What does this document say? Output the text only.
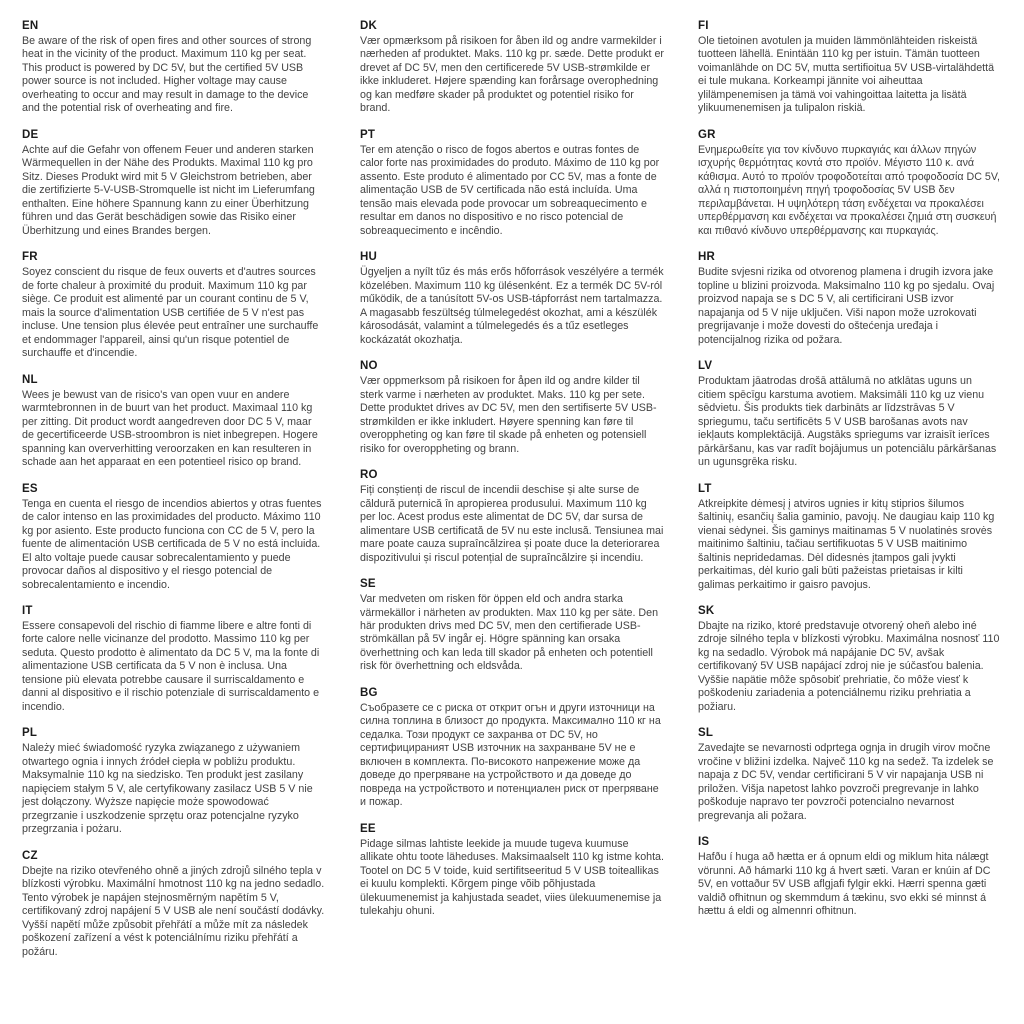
EN

Be aware of the risk of open fires and other sources of strong heat in the vicinity of the product. Maximum 110 kg per seat. This product is powered by DC 5V, but the certified 5V USB power source is not included. Higher voltage may cause overheating to occur and may result in damage to the device and the potential risk of overheating and fire.

DE

Achte auf die Gefahr von offenem Feuer und anderen starken Wärmequellen in der Nähe des Produkts. Maximal 110 kg pro Sitz. Dieses Produkt wird mit 5 V Gleichstrom betrieben, aber die zertifizierte 5-V-USB-Stromquelle ist nicht im Lieferumfang enthalten. Eine höhere Spannung kann zu einer Überhitzung führen und das Gerät beschädigen sowie das Risiko einer Überhitzung und eines Brandes bergen.

FR

Soyez conscient du risque de feux ouverts et d'autres sources de forte chaleur à proximité du produit. Maximum 110 kg par siège. Ce produit est alimenté par un courant continu de 5 V, mais la source d'alimentation USB certifiée de 5 V n'est pas incluse. Une tension plus élevée peut entraîner une surchauffe et endommager l'appareil, ainsi qu'un risque potentiel de surchauffe et d'incendie.

NL

Wees je bewust van de risico's van open vuur en andere warmtebronnen in de buurt van het product. Maximaal 110 kg per zitting. Dit product wordt aangedreven door DC 5 V, maar de gecertificeerde USB-stroombron is niet inbegrepen. Hogere spanning kan oververhitting veroorzaken en kan resulteren in schade aan het apparaat en een potentieel risico op brand.

ES

Tenga en cuenta el riesgo de incendios abiertos y otras fuentes de calor intenso en las proximidades del producto. Máximo 110 kg por asiento. Este producto funciona con CC de 5 V, pero la fuente de alimentación USB certificada de 5 V no está incluida. El alto voltaje puede causar sobrecalentamiento y puede provocar daños al dispositivo y el riesgo potencial de sobrecalentamiento e incendio.

IT

Essere consapevoli del rischio di fiamme libere e altre fonti di forte calore nelle vicinanze del prodotto. Massimo 110 kg per seduta. Questo prodotto è alimentato da DC 5 V, ma la fonte di alimentazione USB certificata da 5 V non è inclusa. Una tensione più elevata potrebbe causare il surriscaldamento e danni al dispositivo e il rischio potenziale di surriscaldamento e incendio.

PL

Należy mieć świadomość ryzyka związanego z używaniem otwartego ognia i innych źródeł ciepła w pobliżu produktu. Maksymalnie 110 kg na siedzisko. Ten produkt jest zasilany napięciem stałym 5 V, ale certyfikowany zasilacz USB 5 V nie jest dołączony. Wyższe napięcie może spowodować przegrzanie i uszkodzenie sprzętu oraz potencjalne ryzyko przegrzania i pożaru.

CZ

Dbejte na riziko otevřeného ohně a jiných zdrojů silného tepla v blízkosti výrobku. Maximální hmotnost 110 kg na jedno sedadlo. Tento výrobek je napájen stejnosměrným napětím 5 V, certifikovaný zdroj napájení 5 V USB ale není součástí dodávky. Vyšší napětí může způsobit přehřátí a může mít za následek poškození zařízení a vést k potenciálnímu riziku přehřátí a požáru.

DK

Vær opmærksom på risikoen for åben ild og andre varmekilder i nærheden af produktet. Maks. 110 kg pr. sæde. Dette produkt er drevet af DC 5V, men den certificerede 5V USB-strømkilde er ikke inkluderet. Højere spænding kan forårsage overophedning og kan medføre skader på produktet og potentiel risiko for brand.

PT

Ter em atenção o risco de fogos abertos e outras fontes de calor forte nas proximidades do produto. Máximo de 110 kg por assento. Este produto é alimentado por CC 5V, mas a fonte de alimentação USB de 5V certificada não está incluída. Uma tensão mais elevada pode provocar um sobreaquecimento e resultar em danos no dispositivo e no risco potencial de sobreaquecimento e incêndio.

HU

Ügyeljen a nyílt tűz és más erős hőforrások veszélyére a termék közelében. Maximum 110 kg ülésenként. Ez a termék DC 5V-ról működik, de a tanúsított 5V-os USB-tápforrást nem tartalmazza. A magasabb feszültség túlmelegedést okozhat, ami a készülék károsodását, valamint a túlmelegedés és a tűz esetleges kockázatát okozhatja.

NO

Vær oppmerksom på risikoen for åpen ild og andre kilder til sterk varme i nærheten av produktet. Maks. 110 kg per sete. Dette produktet drives av DC 5V, men den sertifiserte 5V USB-strømkilden er ikke inkludert. Høyere spenning kan føre til overoppheting og kan føre til skade på enheten og potensiell risiko for overoppheting og brann.

RO

Fiți conștienți de riscul de incendii deschise și alte surse de căldură puternică în apropierea produsului. Maximum 110 kg per loc. Acest produs este alimentat de DC 5V, dar sursa de alimentare USB certificată de 5V nu este inclusă. Tensiunea mai mare poate cauza supraîncălzirea și poate duce la deteriorarea dispozitivului și riscul potențial de supraîncălzire și incendiu.

SE

Var medveten om risken för öppen eld och andra starka värmekällor i närheten av produkten. Max 110 kg per säte. Den här produkten drivs med DC 5V, men den certifierade USB-strömkällan på 5V ingår ej. Högre spänning kan orsaka överhettning och kan leda till skador på enheten och potentiell risk för överhettning och eldsvåda.

BG

Съобразете се с риска от открит огън и други източници на силна топлина в близост до продукта. Максимално 110 кг на седалка. Този продукт се захранва от DC 5V, но сертифицираният USB източник на захранване 5V не е включен в комплекта. По-високото напрежение може да доведе до прегряване на устройството и да доведе до повреда на устройството и потенциален риск от прегряване и пожар.

EE

Pidage silmas lahtiste leekide ja muude tugeva kuumuse allikate ohtu toote läheduses. Maksimaalselt 110 kg istme kohta. Tootel on DC 5 V toide, kuid sertifitseeritud 5 V USB toiteallikas ei kuulu komplekti. Kõrgem pinge võib põhjustada ülekuumenemist ja kahjustada seadet, viies ülekuumenemise ja tulekahju ohuni.

FI

Ole tietoinen avotulen ja muiden lämmönlähteiden riskeistä tuotteen lähellä. Enintään 110 kg per istuin. Tämän tuotteen voimanlähde on DC 5V, mutta sertifioitua 5V USB-virtalähdettä ei tule mukana. Korkeampi jännite voi aiheuttaa ylilämpenemisen ja tämä voi vahingoittaa laitetta ja lisätä ylikuumenemisen ja tulipalon riskiä.

GR

Ενημερωθείτε για τον κίνδυνο πυρκαγιάς και άλλων πηγών ισχυρής θερμότητας κοντά στο προϊόν. Μέγιστο 110 κ. ανά κάθισμα. Αυτό το προϊόν τροφοδοτείται από τροφοδοσία DC 5V, αλλά η πιστοποιημένη πηγή τροφοδοσίας 5V USB δεν περιλαμβάνεται. Η υψηλότερη τάση ενδέχεται να προκαλέσει υπερθέρμανση και ενδέχεται να προκαλέσει ζημιά στη συσκευή και πιθανό κίνδυνο υπερθέρμανσης και πυρκαγιάς.

HR

Budite svjesni rizika od otvorenog plamena i drugih izvora jake topline u blizini proizvoda. Maksimalno 110 kg po sjedalu. Ovaj proizvod napaja se s DC 5 V, ali certificirani USB izvor napajanja od 5 V nije uključen. Viši napon može uzrokovati pregrijavanje i može dovesti do oštećenja uređaja i potencijalnog rizika od požara.

LV

Produktam jāatrodas drošā attālumā no atklātas uguns un citiem spēcīgu karstuma avotiem. Maksimāli 110 kg uz vienu sēdvietu. Šis produkts tiek darbināts ar līdzstrāvas 5 V spriegumu, taču sertificēts 5 V USB barošanas avots nav iekļauts komplektācijā. Augstāks spriegums var izraisīt ierīces pārkāršanu, kas var radīt bojājumus un potenciālu pārkāršanas un ugunsgrēka risku.

LT

Atkreipkite dėmesį į atviros ugnies ir kitų stiprios šilumos šaltinių, esančių šalia gaminio, pavojų. Ne daugiau kaip 110 kg vienai sėdynei. Šis gaminys maitinamas 5 V nuolatinės srovės maitinimo šaltiniu, tačiau sertifikuotas 5 V USB maitinimo šaltinis nepridedamas. Dėl didesnės įtampos gali įvykti perkaitimas, dėl kurio gali būti pažeistas prietaisas ir kilti galimas perkaitimo ir gaisro pavojus.

SK

Dbajte na riziko, ktoré predstavuje otvorený oheň alebo iné zdroje silného tepla v blízkosti výrobku. Maximálna nosnosť 110 kg na sedadlo. Výrobok má napájanie DC 5V, avšak certifikovaný 5V USB napájací zdroj nie je súčasťou balenia. Vyššie napätie môže spôsobiť prehriatie, čo môže viesť k poškodeniu zariadenia a potenciálnemu riziku prehriatia a požiaru.

SL

Zavedajte se nevarnosti odprtega ognja in drugih virov močne vročine v bližini izdelka. Največ 110 kg na sedež. Ta izdelek se napaja z DC 5V, vendar certificirani 5 V vir napajanja USB ni priložen. Višja napetost lahko povzroči pregrevanje in lahko poškoduje napravo ter povzroči potencialno nevarnost pregrevanja ali požara.

IS

Hafðu í huga að hætta er á opnum eldi og miklum hita nálægt vörunni. Að hámarki 110 kg á hvert sæti. Varan er knúin af DC 5V, en vottaður 5V USB aflgjafi fylgir ekki. Hærri spenna gæti valdið ofhitnun og skemmdum á tækinu, svo ekki sé minnst á hættu á eldi og almennri ofhitnun.
